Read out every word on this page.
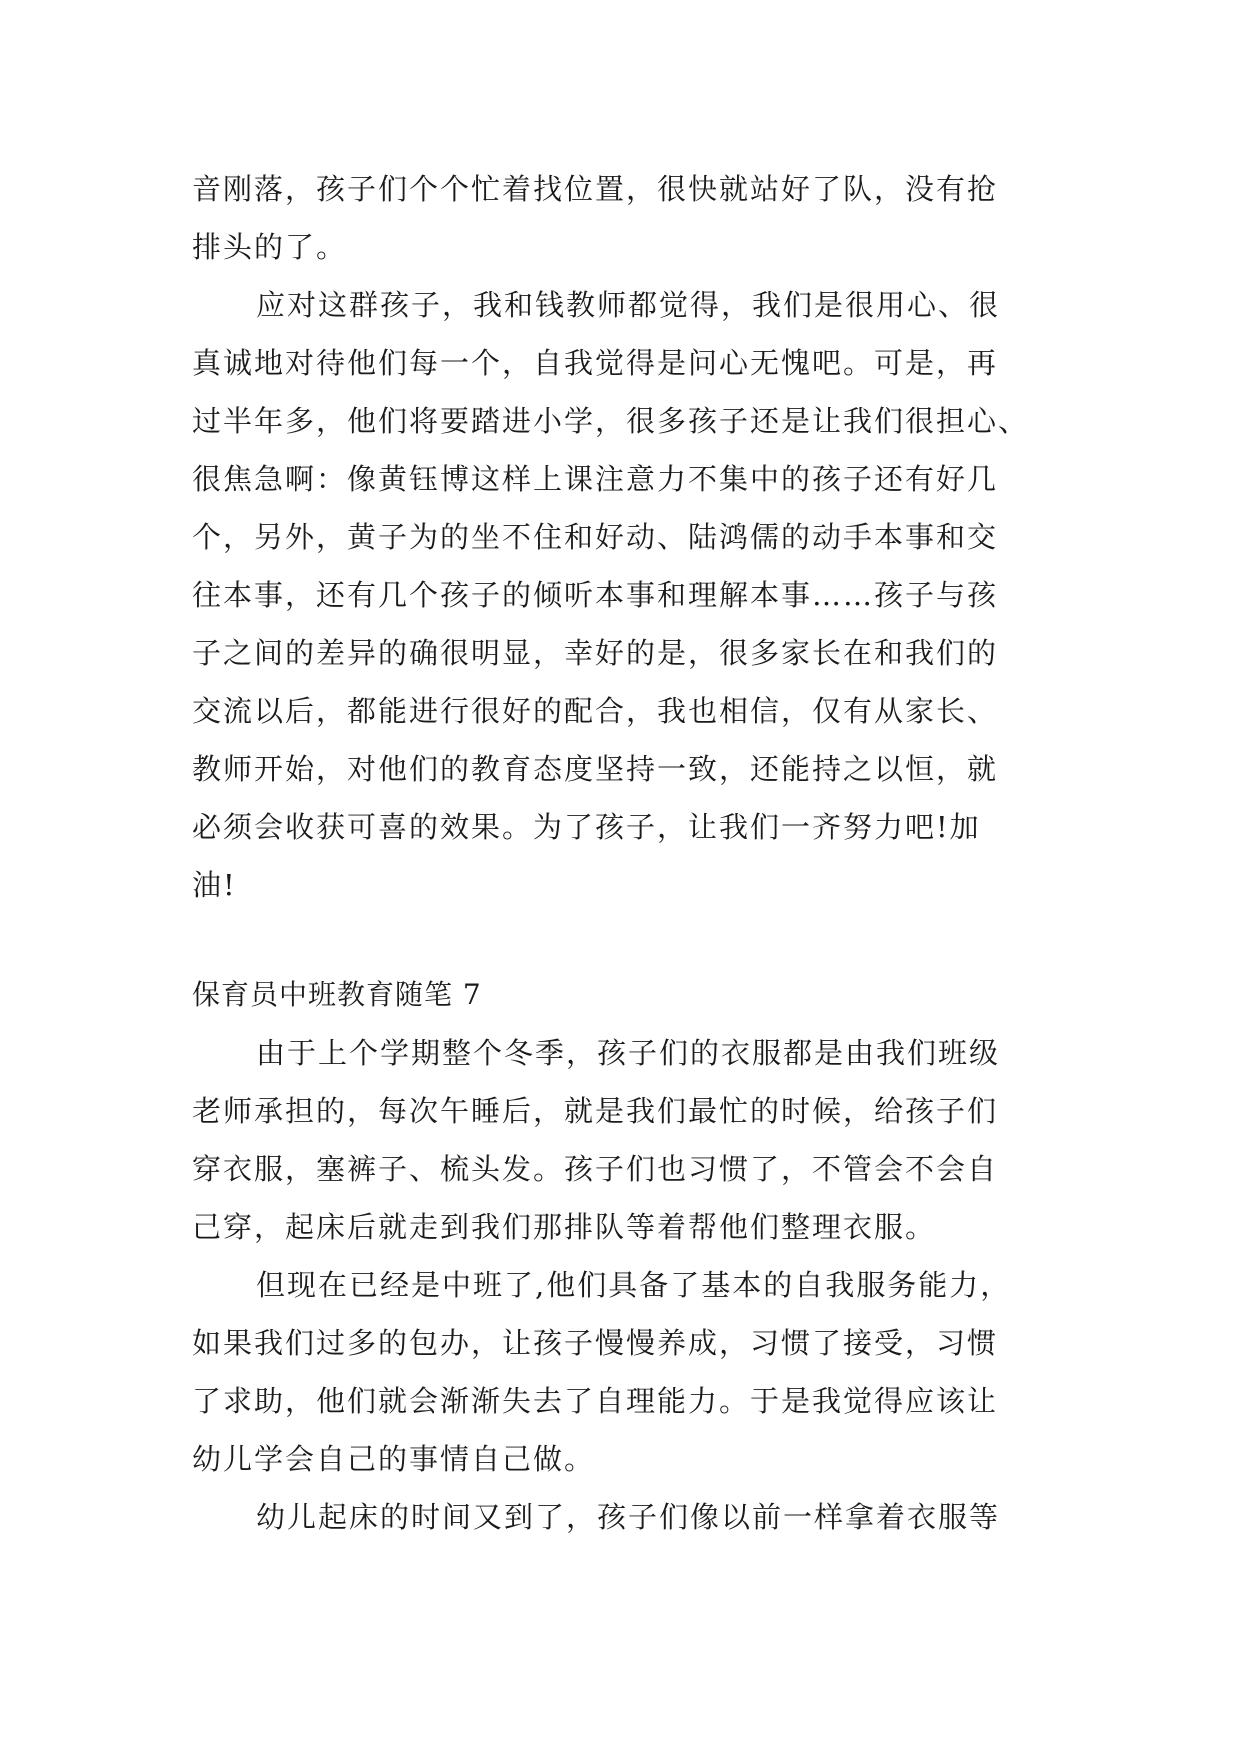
音刚落，孩子们个个忙着找位置，很快就站好了队，没有抢
排头的了。
应对这群孩子，我和钱教师都觉得，我们是很用心、很
真诚地对待他们每一个，自我觉得是问心无愧吧。可是，再
过半年多，他们将要踏进小学，很多孩子还是让我们很担心、
很焦急啊：像黄钰博这样上课注意力不集中的孩子还有好几
个，另外，黄子为的坐不住和好动、陆鸿儒的动手本事和交
往本事，还有几个孩子的倾听本事和理解本事……孩子与孩
子之间的差异的确很明显，幸好的是，很多家长在和我们的
交流以后，都能进行很好的配合，我也相信，仅有从家长、
教师开始，对他们的教育态度坚持一致，还能持之以恒，就
必须会收获可喜的效果。为了孩子，让我们一齐努力吧!加
油!
保育员中班教育随笔 7
由于上个学期整个冬季，孩子们的衣服都是由我们班级
老师承担的，每次午睡后，就是我们最忙的时候，给孩子们
穿衣服，塞裤子、梳头发。孩子们也习惯了，不管会不会自
己穿，起床后就走到我们那排队等着帮他们整理衣服。
但现在已经是中班了,他们具备了基本的自我服务能力，
如果我们过多的包办，让孩子慢慢养成，习惯了接受，习惯
了求助，他们就会渐渐失去了自理能力。于是我觉得应该让
幼儿学会自己的事情自己做。
幼儿起床的时间又到了，孩子们像以前一样拿着衣服等
